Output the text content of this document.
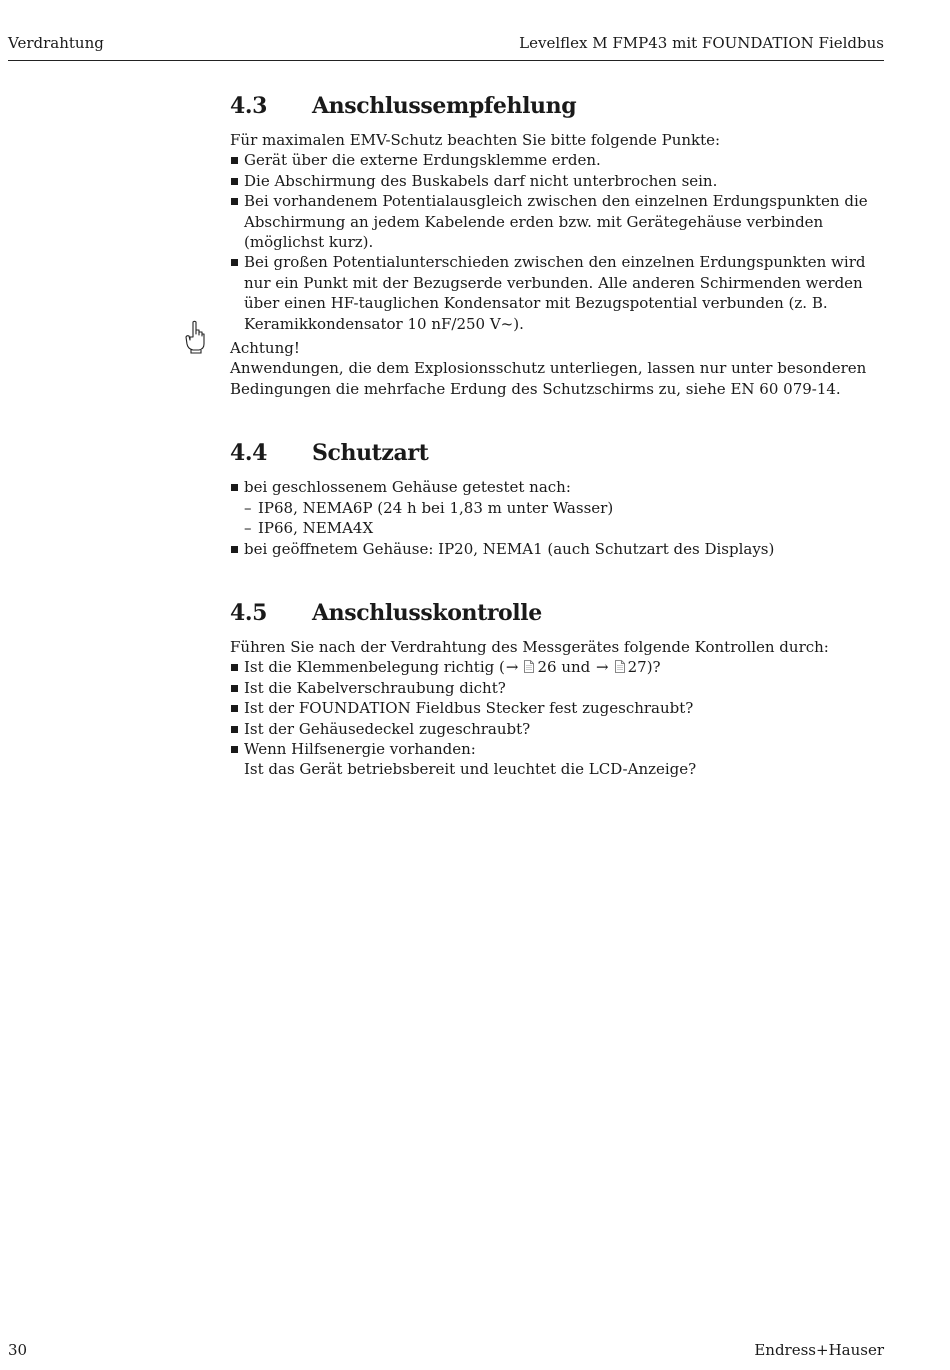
Verdrahtung	Levelflex M FMP43 mit FOUNDATION Fieldbus
4.3 Anschlussempfehlung

Für maximalen EMV-Schutz beachten Sie bitte folgende Punkte:

Gerät über die externe Erdungsklemme erden.
Die Abschirmung des Buskabels darf nicht unterbrochen sein.
Bei vorhandenem Potentialausgleich zwischen den einzelnen Erdungspunkten die Abschirmung an jedem Kabelende erden bzw. mit Gerätegehäuse verbinden (möglichst kurz).
Bei großen Potentialunterschieden zwischen den einzelnen Erdungspunkten wird nur ein Punkt mit der Bezugserde verbunden. Alle anderen Schirmenden werden über einen HF-tauglichen Kondensator mit Bezugspotential verbunden (z. B. Keramikkondensator 10 nF/250 V~).

Achtung!

Anwendungen, die dem Explosionsschutz unterliegen, lassen nur unter besonderen Bedingungen die mehrfache Erdung des Schutzschirms zu, siehe EN 60 079-14.

4.4 Schutzart
bei geschlossenem Gehäuse getestet nach:
– IP68, NEMA6P (24 h bei 1,83 m unter Wasser)
– IP66, NEMA4X
bei geöffnetem Gehäuse: IP20, NEMA1 (auch Schutzart des Displays)
4.5 Anschlusskontrolle

Führen Sie nach der Verdrahtung des Messgerätes folgende Kontrollen durch:

Ist die Klemmenbelegung richtig (→ 26 und → 27)?
Ist die Kabelverschraubung dicht?
Ist der FOUNDATION Fieldbus Stecker fest zugeschraubt?
Ist der Gehäusedeckel zugeschraubt?
Wenn Hilfsenergie vorhanden:
Ist das Gerät betriebsbereit und leuchtet die LCD-Anzeige?
30	Endress+Hauser
